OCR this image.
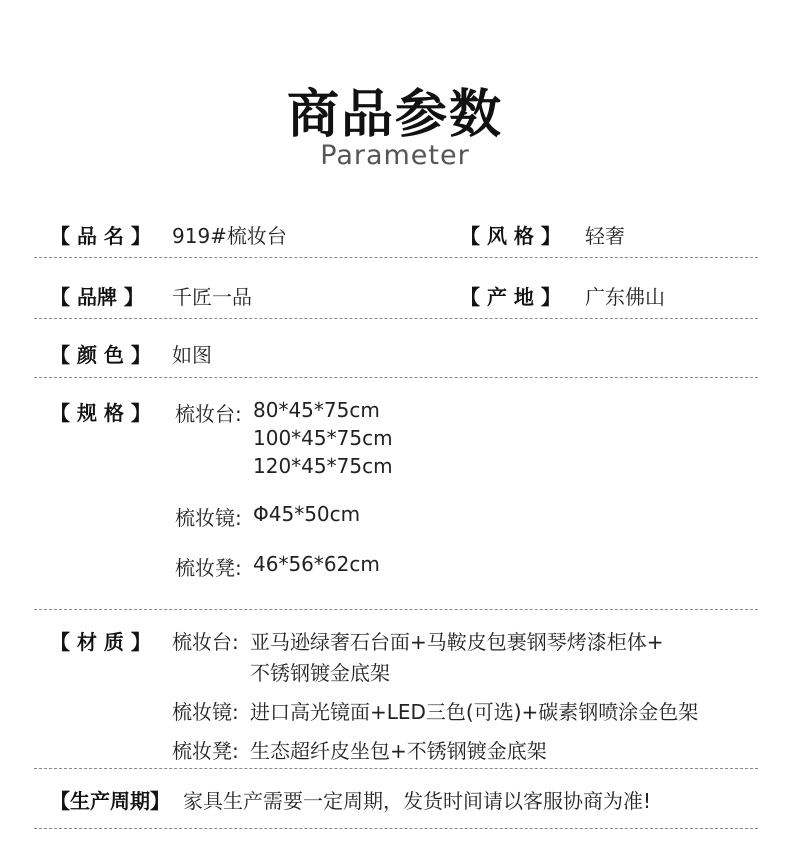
商品参数
Parameter
【 品 名 】 919#梳妆台	【 风 格 】 轻奢
【 品牌 】 千匠一品	【 产 地 】 广东佛山
【 颜 色 】 如图
【 规 格 】 梳妆台: 80*45*75cm
100*45*75cm
120*45*75cm
梳妆镜: Φ45*50cm
梳妆凳: 46*56*62cm
【 材 质 】 梳妆台: 亚马逊绿奢石台面+马鞍皮包裹钢琴烤漆柜体+
不锈钢镀金底架
梳妆镜: 进口高光镜面+LED三色(可选)+碳素钢喷涂金色架
梳妆凳: 生态超纤皮坐包+不锈钢镀金底架
【生产周期】 家具生产需要一定周期，发货时间请以客服协商为准!
